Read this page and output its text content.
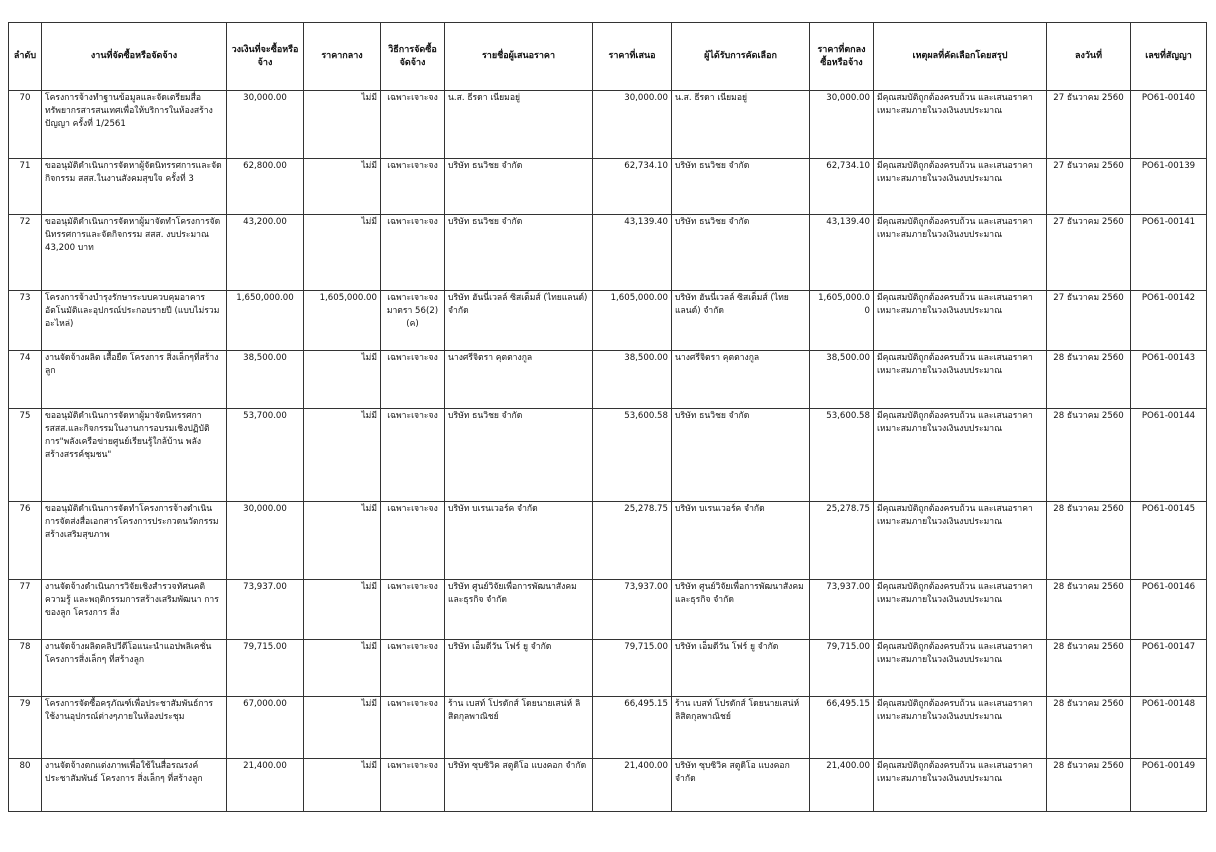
ลำดับ	งานที่จัดซื้อหรือจัดจ้าง	วงเงินที่จะซื้อหรือจ้าง	ราคากลาง	วิธีการจัดซื้อจัดจ้าง	รายชื่อผู้เสนอราคา	ราคาที่เสนอ	ผู้ได้รับการคัดเลือก	ราคาที่ตกลงซื้อหรือจ้าง	เหตุผลที่คัดเลือกโดยสรุป	ลงวันที่	เลขที่สัญญา
70	โครงการจ้างทำฐานข้อมูลและจัดเตรียมสื่อทรัพยากรสารสนเทศเพื่อให้บริการในห้องสร้างปัญญา ครั้งที่ 1/2561	30,000.00	ไม่มี	เฉพาะเจาะจง	น.ส. ธีรดา เนียมอยู่	30,000.00	น.ส. ธีรดา เนียมอยู่	30,000.00	มีคุณสมบัติถูกต้องครบถ้วน และเสนอราคาเหมาะสมภายในวงเงินงบประมาณ	27 ธันวาคม 2560	PO61-00140
71	ขออนุมัติดำเนินการจัดหาผู้จัดนิทรรศการและจัดกิจกรรม สสส.ในงานสังคมสุขใจ ครั้งที่ 3	62,800.00	ไม่มี	เฉพาะเจาะจง	บริษัท ธนวิชย จำกัด	62,734.10	บริษัท ธนวิชย จำกัด	62,734.10	มีคุณสมบัติถูกต้องครบถ้วน และเสนอราคาเหมาะสมภายในวงเงินงบประมาณ	27 ธันวาคม 2560	PO61-00139
72	ขออนุมัติดำเนินการจัดหาผู้มาจัดทำโครงการจัดนิทรรศการและจัดกิจกรรม สสส. งบประมาณ 43,200 บาท	43,200.00	ไม่มี	เฉพาะเจาะจง	บริษัท ธนวิชย จำกัด	43,139.40	บริษัท ธนวิชย จำกัด	43,139.40	มีคุณสมบัติถูกต้องครบถ้วน และเสนอราคาเหมาะสมภายในวงเงินงบประมาณ	27 ธันวาคม 2560	PO61-00141
73	โครงการจ้างบำรุงรักษาระบบควบคุมอาคารอัตโนมัติและอุปกรณ์ประกอบรายปี (แบบไม่รวมอะไหล่)	1,650,000.00	1,605,000.00	เฉพาะเจาะจง มาตรา 56(2) (ค)	บริษัท ฮันนี่เวลล์ ซิสเต็มส์ (ไทยแลนด์) จำกัด	1,605,000.00	บริษัท ฮันนี่เวลล์ ซิสเต็มส์ (ไทยแลนด์) จำกัด	1,605,000.00	มีคุณสมบัติถูกต้องครบถ้วน และเสนอราคาเหมาะสมภายในวงเงินงบประมาณ	27 ธันวาคม 2560	PO61-00142
74	งานจัดจ้างผลิต เสื้อยืด โครงการ สิ่งเล็กๆที่สร้างลูก	38,500.00	ไม่มี	เฉพาะเจาะจง	นางศรีจิตรา คุตตางกูล	38,500.00	นางศรีจิตรา คุตตางกูล	38,500.00	มีคุณสมบัติถูกต้องครบถ้วน และเสนอราคาเหมาะสมภายในวงเงินงบประมาณ	28 ธันวาคม 2560	PO61-00143
75	ขออนุมัติดำเนินการจัดหาผู้มาจัดนิทรรศการสสส.และกิจกรรมในงานการอบรมเชิงปฏิบัติการ"พลังเครือข่ายศูนย์เรียนรู้ใกล้บ้าน พลังสร้างสรรค์ชุมชน"	53,700.00	ไม่มี	เฉพาะเจาะจง	บริษัท ธนวิชย จำกัด	53,600.58	บริษัท ธนวิชย จำกัด	53,600.58	มีคุณสมบัติถูกต้องครบถ้วน และเสนอราคาเหมาะสมภายในวงเงินงบประมาณ	28 ธันวาคม 2560	PO61-00144
76	ขออนุมัติดำเนินการจัดทำโครงการจ้างดำเนินการจัดส่งสื่อเอกสารโครงการประกวดนวัตกรรมสร้างเสริมสุขภาพ	30,000.00	ไม่มี	เฉพาะเจาะจง	บริษัท บเรนเวอร์ค จำกัด	25,278.75	บริษัท บเรนเวอร์ค จำกัด	25,278.75	มีคุณสมบัติถูกต้องครบถ้วน และเสนอราคาเหมาะสมภายในวงเงินงบประมาณ	28 ธันวาคม 2560	PO61-00145
77	งานจัดจ้างดำเนินการวิจัยเชิงสำรวจทัศนคติ ความรู้ และพฤติกรรมการสร้างเสริมพัฒนา การของลูก โครงการ สิ่ง	73,937.00	ไม่มี	เฉพาะเจาะจง	บริษัท ศูนย์วิจัยเพื่อการพัฒนาสังคมและธุรกิจ จำกัด	73,937.00	บริษัท ศูนย์วิจัยเพื่อการพัฒนาสังคมและธุรกิจ จำกัด	73,937.00	มีคุณสมบัติถูกต้องครบถ้วน และเสนอราคาเหมาะสมภายในวงเงินงบประมาณ	28 ธันวาคม 2560	PO61-00146
78	งานจัดจ้างผลิตคลิปวีดีโอแนะนำแอปพลิเคชั่น โครงการสิ่งเล็กๆ ที่สร้างลูก	79,715.00	ไม่มี	เฉพาะเจาะจง	บริษัท เอ็มดีวัน โฟร์ ยู จำกัด	79,715.00	บริษัท เอ็มดีวัน โฟร์ ยู จำกัด	79,715.00	มีคุณสมบัติถูกต้องครบถ้วน และเสนอราคาเหมาะสมภายในวงเงินงบประมาณ	28 ธันวาคม 2560	PO61-00147
79	โครงการจัดซื้อครุภัณฑ์เพื่อประชาสัมพันธ์การใช้งานอุปกรณ์ต่างๆภายในห้องประชุม	67,000.00	ไม่มี	เฉพาะเจาะจง	ร้าน เบสท์ โปรดักส์ โดยนายเสน่ห์ ลิสิตกุลพาณิชย์	66,495.15	ร้าน เบสท์ โปรดักส์ โดยนายเสน่ห์ ลิสิตกุลพาณิชย์	66,495.15	มีคุณสมบัติถูกต้องครบถ้วน และเสนอราคาเหมาะสมภายในวงเงินงบประมาณ	28 ธันวาคม 2560	PO61-00148
80	งานจัดจ้างตกแต่งภาพเพื่อใช้ในสื่อรณรงค์ประชาสัมพันธ์ โครงการ สิ่งเล็กๆ ที่สร้างลูก	21,400.00	ไม่มี	เฉพาะเจาะจง	บริษัท ซุบซิวิค สตูดิโอ แบงคอก จำกัด	21,400.00	บริษัท ซุบซิวิค สตูดิโอ แบงคอก จำกัด	21,400.00	มีคุณสมบัติถูกต้องครบถ้วน และเสนอราคาเหมาะสมภายในวงเงินงบประมาณ	28 ธันวาคม 2560	PO61-00149
